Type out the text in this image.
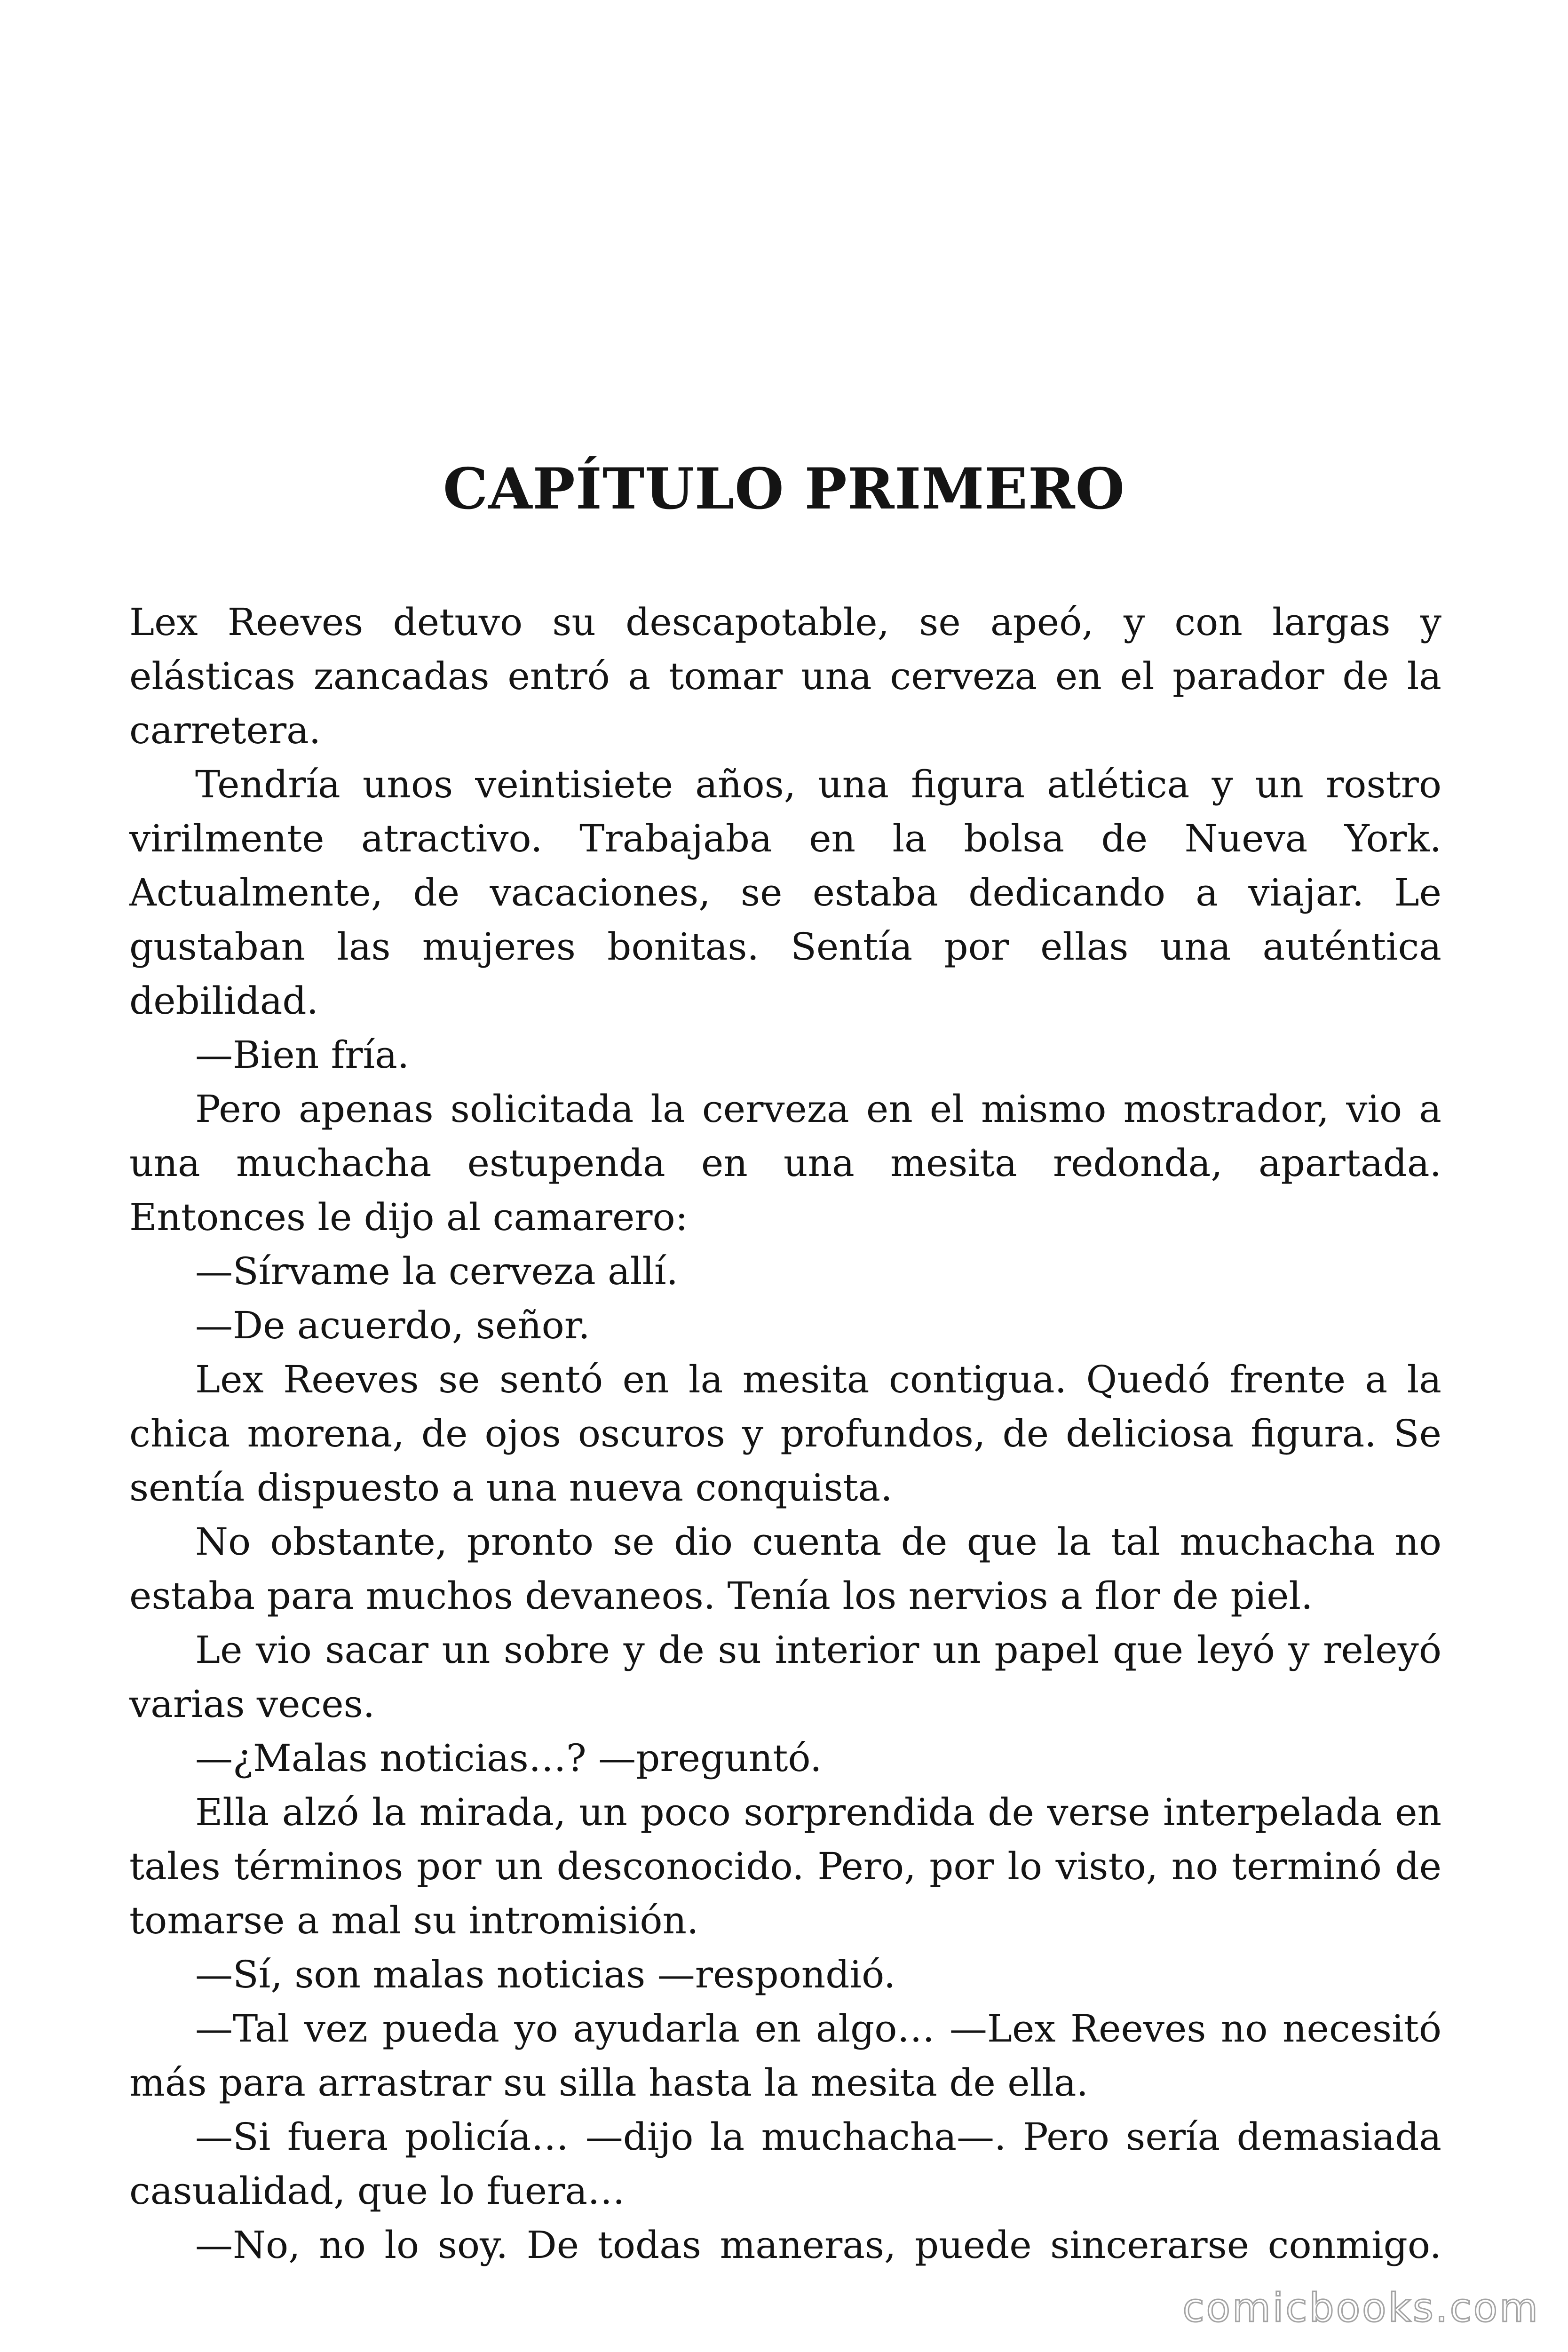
CAPÍTULO PRIMERO

Lex Reeves detuvo su descapotable, se apeó, y con largas y elásticas zancadas entró a tomar una cerveza en el parador de la carretera.

Tendría unos veintisiete años, una figura atlética y un rostro virilmente atractivo. Trabajaba en la bolsa de Nueva York. Actualmente, de vacaciones, se estaba dedicando a viajar. Le gustaban las mujeres bonitas. Sentía por ellas una auténtica debilidad.

—Bien fría.

Pero apenas solicitada la cerveza en el mismo mostrador, vio a una muchacha estupenda en una mesita redonda, apartada. Entonces le dijo al camarero:

—Sírvame la cerveza allí.

—De acuerdo, señor.

Lex Reeves se sentó en la mesita contigua. Quedó frente a la chica morena, de ojos oscuros y profundos, de deliciosa figura. Se sentía dispuesto a una nueva conquista.

No obstante, pronto se dio cuenta de que la tal muchacha no estaba para muchos devaneos. Tenía los nervios a flor de piel.

Le vio sacar un sobre y de su interior un papel que leyó y releyó varias veces.

—¿Malas noticias…? —preguntó.

Ella alzó la mirada, un poco sorprendida de verse interpelada en tales términos por un desconocido. Pero, por lo visto, no terminó de tomarse a mal su intromisión.

—Sí, son malas noticias —respondió.

—Tal vez pueda yo ayudarla en algo… —Lex Reeves no necesitó más para arrastrar su silla hasta la mesita de ella.

—Si fuera policía… —dijo la muchacha—. Pero sería demasiada casualidad, que lo fuera…

—No, no lo soy. De todas maneras, puede sincerarse conmigo.

comicbooks.com
